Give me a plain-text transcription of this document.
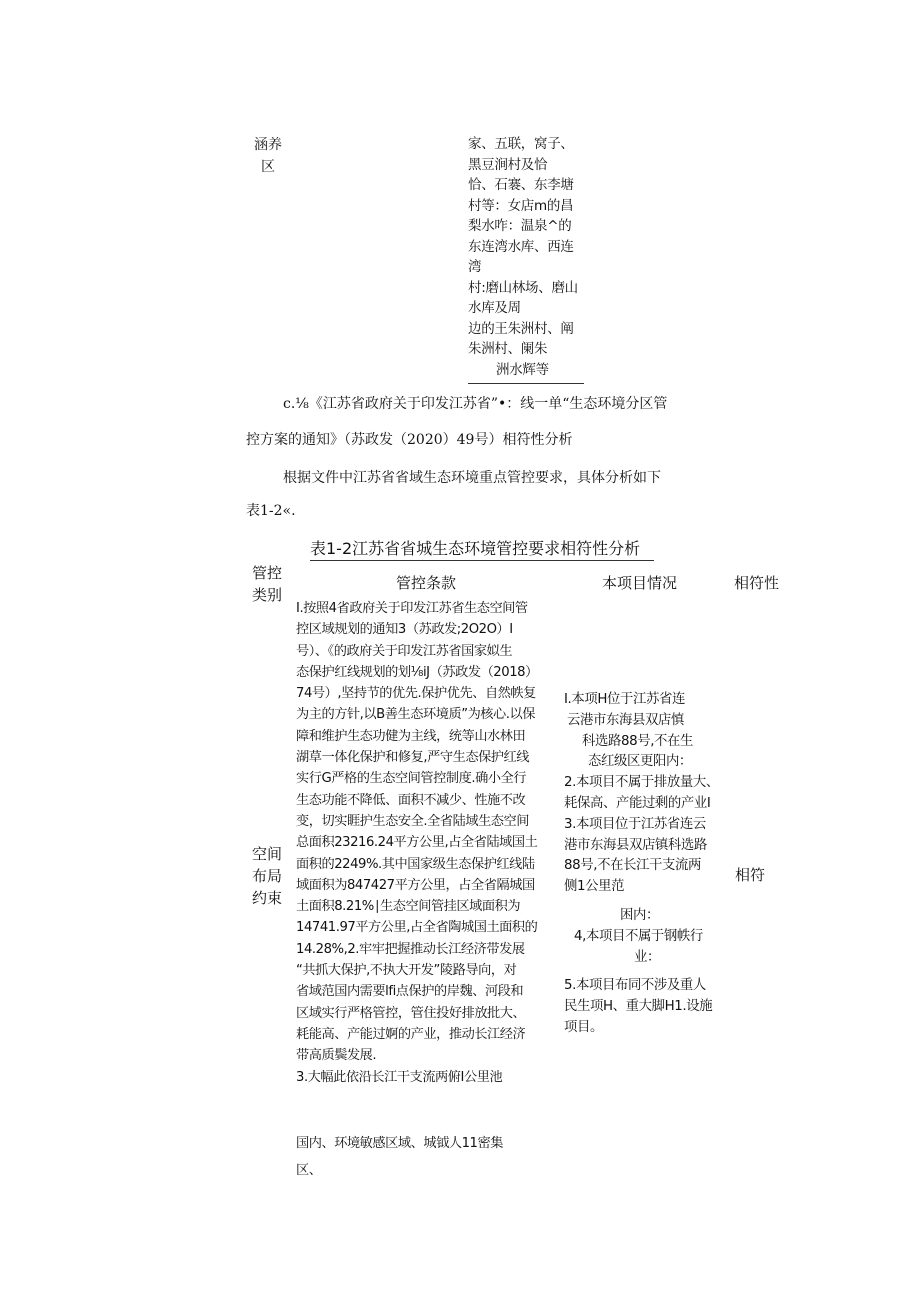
涵养
区
家、五联，窝子、
黑豆涧村及恰
恰、石褰、东李塘
村等：女店m的昌
梨水咋：温泉^的
东连湾水库、西连
湾
村:磨山林场、磨山
水库及周
边的王朱洲村、阐
朱洲村、阑朱
洲水辉等
c.⅛《江苏省政府关于印发江苏省”•：线一单“生态环境分区管
控方案的通知》（苏政发（2020）49号）相符性分析
根据文件中江苏省省域生态环境重点管控要求，具体分析如下
表1-2«.
表1-2江苏省省城生态环境管控要求相符性分析
管控
类别
管控条款	本项目情况	相符性
空间
布局
约束
I.按照4省政府关于印发江苏省生态空间管
控区域规划的通知3（苏政发;2O2O）I
号）、《的政府关于印发江苏省国家姒生
态保护红线规划的划⅛iJ（苏政发（2018）
74号）,坚持节的优先.保护优先、自然帙复
为主的方针,以B善生态环境质”为核心.以保
障和维护生态功健为主线，统等山水林田
湖草一体化保护和修复,严守生态保护红线
实行G严格的生态空间管控制度.确小全行
生态功能不降低、面积不减少、性施不改
变，切实睚护生态安全.全省陆域生态空间
总面积23216.24平方公里,占全省陆域国土
面积的2249%.其中国家级生态保护红线陆
域面积为847427平方公里，占全省隔城国
土面积8.21%∣生态空间管挂区域面积为
14741.97平方公里,占全省陶城国土面积的
14.28%,2.牢牢把握推动长江经济带发展
“共抓大保护,不执大开发”陵路导向，对
省域范国内需要lfi点保护的岸魏、河段和
区域实行严格管控，管住投好排放批大、
耗能高、产能过婀的产业，推动长江经济
带高质鬓发展.
3.大幅此依沿长江干支流两俯I公里池
国内、环境敏感区域、城钺人11密集
区、
I.本项H位于江苏省连
云港市东海县双店慎
科选路88号,不在生
态红级区更阳内：
2.本项目不属于排放量大、
耗保高、产能过剩的产业I
3.本项目位于江苏省连云
港市东海县双店镇科选路
88号,不在长江干支流两
侧1公里范
困内：
4,本项目不属于钢帙行
业：
5.本项目布同不涉及重人
民生项H、重大脚H1.设施
项目。
相符
